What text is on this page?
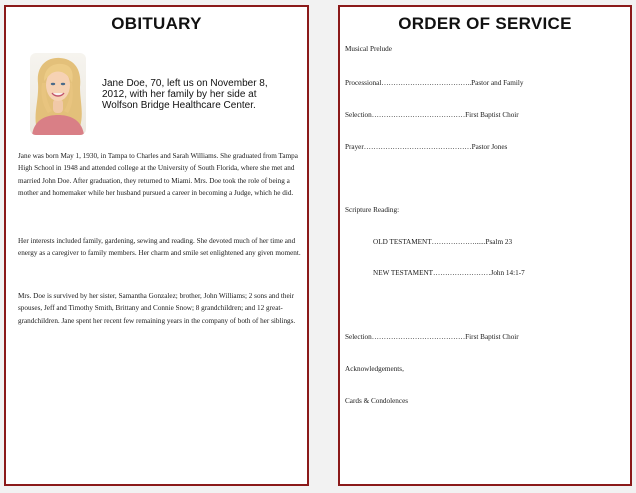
OBITUARY
Jane Doe, 70, left us on November 8, 2012, with her family by her side at Wolfson Bridge Healthcare Center.
Jane was born May 1, 1930, in Tampa to Charles and Sarah Williams. She graduated from Tampa High School in 1948 and attended college at the University of South Florida, where she met and married John Doe. After graduation, they returned to Miami. Mrs. Doe took the role of being a mother and homemaker while her husband pursued a career in becoming a Judge, which he did.
Her interests included family, gardening, sewing and reading. She devoted much of her time and energy as a caregiver to family members. Her charm and smile set enlightened any given moment.
Mrs. Doe is survived by her sister, Samantha Gonzalez; brother, John Williams; 2 sons and their spouses, Jeff and Timothy Smith, Brittany and Connie Snow; 8 grandchildren; and 12 great-grandchildren. Jane spent her recent few remaining years in the company of both of her siblings.
ORDER OF SERVICE
Musical Prelude
Processional………………………………..Pastor and Family
Selection…………………………………First Baptist Choir
Prayer………………………………………Pastor Jones
Scripture Reading:
OLD TESTAMENT………………......Psalm 23
NEW TESTAMENT……………………John 14:1-7
Selection…………………………………First Baptist Choir
Acknowledgements,
Cards & Condolences
